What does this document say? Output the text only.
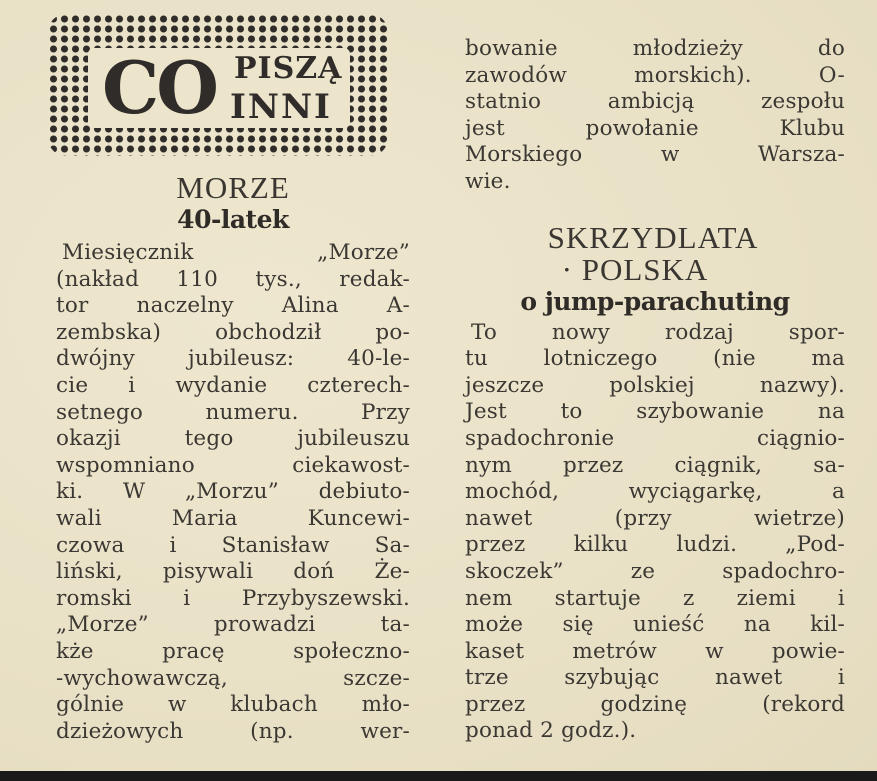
CO PISZĄ
INNI
MORZE
40-latek
Miesięcznik „Morze”
(nakład 110 tys., redak-
tor naczelny Alina A-
zembska) obchodził po-
dwójny jubileusz: 40-le-
cie i wydanie czterech-
setnego numeru. Przy
okazji tego jubileuszu
wspomniano ciekawost-
ki. W „Morzu” debiuto-
wali Maria Kuncewi-
czowa i Stanisław Sa-
liński, pisywali doń Że-
romski i Przybyszewski.
„Morze” prowadzi ta-
kże pracę społeczno-
-wychowawczą, szcze-
gólnie w klubach mło-
dzieżowych (np. wer-
bowanie młodzieży do
zawodów morskich). O-
statnio ambicją zespołu
jest powołanie Klubu
Morskiego w Warsza-
wie.
SKRZYDLATA
· POLSKA
o jump-parachuting
To nowy rodzaj spor-
tu lotniczego (nie ma
jeszcze polskiej nazwy).
Jest to szybowanie na
spadochronie ciągnio-
nym przez ciągnik, sa-
mochód, wyciągarkę, a
nawet (przy wietrze)
przez kilku ludzi. „Pod-
skoczek” ze spadochro-
nem startuje z ziemi i
może się unieść na kil-
kaset metrów w powie-
trze szybując nawet i
przez godzinę (rekord
ponad 2 godz.).
